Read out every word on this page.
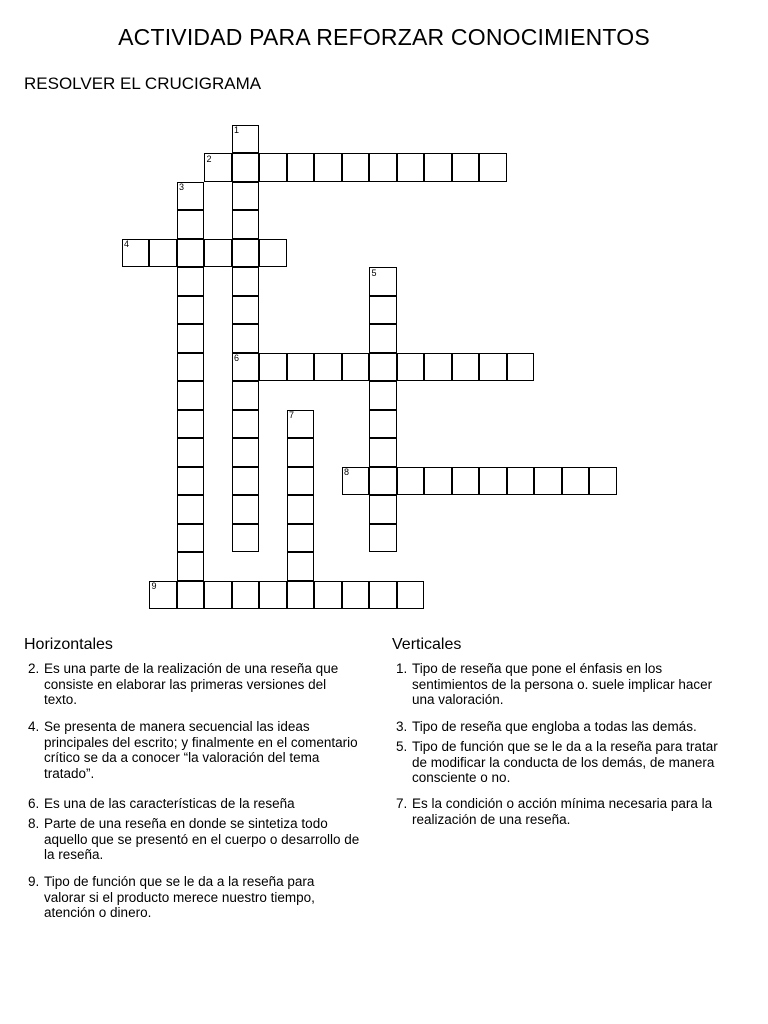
ACTIVIDAD PARA REFORZAR CONOCIMIENTOS
RESOLVER EL CRUCIGRAMA
1
2
3
4
5
6
7
8
9
Horizontales
2. Es una parte de la realización de una reseña que consiste en elaborar las primeras versiones del texto.
4. Se presenta de manera secuencial las ideas principales del escrito; y finalmente en el comentario crítico se da a conocer “la valoración del tema tratado”.
6. Es una de las características de la reseña
8. Parte de una reseña en donde se sintetiza todo aquello que se presentó en el cuerpo o desarrollo de la reseña.
9. Tipo de función que se le da a la reseña para valorar si el producto merece nuestro tiempo, atención o dinero.
Verticales
1. Tipo de reseña que pone el énfasis en los sentimientos de la persona o. suele implicar hacer una valoración.
3. Tipo de reseña que engloba a todas las demás.
5. Tipo de función que se le da a la reseña para tratar de modificar la conducta de los demás, de manera consciente o no.
7. Es la condición o acción mínima necesaria para la realización de una reseña.
